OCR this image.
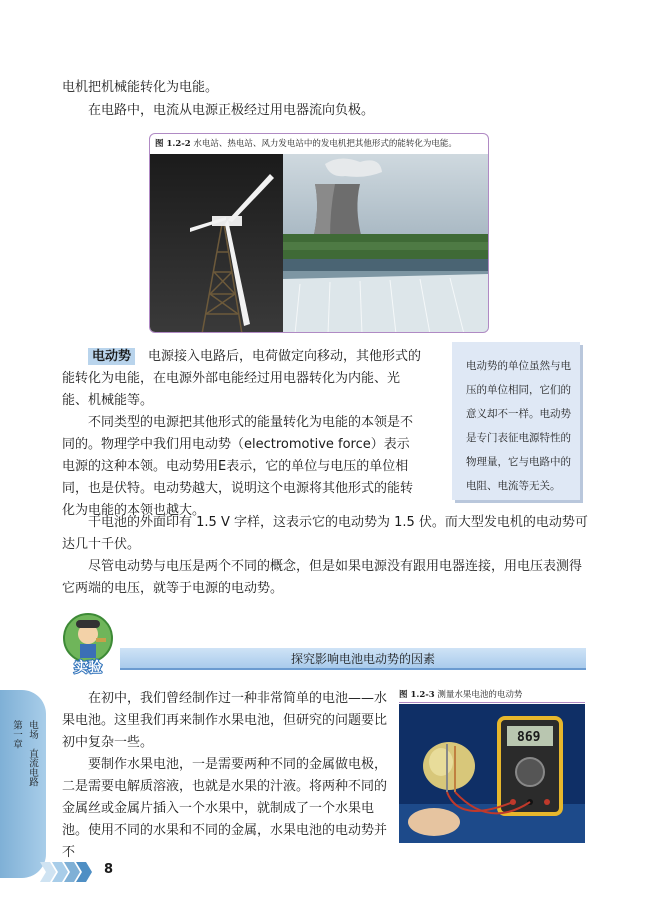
电机把机械能转化为电能。
在电路中，电流从电源正极经过用电器流向负极。
图 1.2-2 水电站、热电站、风力发电站中的发电机把其他形式的能转化为电能。
电动势  电源接入电路后，电荷做定向移动，其他形式的能转化为电能，在电源外部电能经过用电器转化为内能、光能、机械能等。
不同类型的电源把其他形式的能量转化为电能的本领是不同的。物理学中我们用电动势（electromotive force）表示电源的这种本领。电动势用E表示，它的单位与电压的单位相同，也是伏特。电动势越大，说明这个电源将其他形式的能转化为电能的本领也越大。
电动势的单位虽然与电压的单位相同，它们的意义却不一样。电动势是专门表征电源特性的物理量，它与电路中的电阻、电流等无关。
干电池的外面印有 1.5 V 字样，这表示它的电动势为 1.5 伏。而大型发电机的电动势可达几十千伏。
尽管电动势与电压是两个不同的概念，但是如果电源没有跟用电器连接，用电压表测得它两端的电压，就等于电源的电动势。
探究影响电池电动势的因素
实验
在初中，我们曾经制作过一种非常简单的电池——水果电池。这里我们再来制作水果电池，但研究的问题要比初中复杂一些。
要制作水果电池，一是需要两种不同的金属做电极，二是需要电解质溶液，也就是水果的汁液。将两种不同的金属丝或金属片插入一个水果中，就制成了一个水果电池。 使用不同的水果和不同的金属，水果电池的电动势并不
图 1.2-3 测量水果电池的电动势
869
第一章 电场　直流电路
8
